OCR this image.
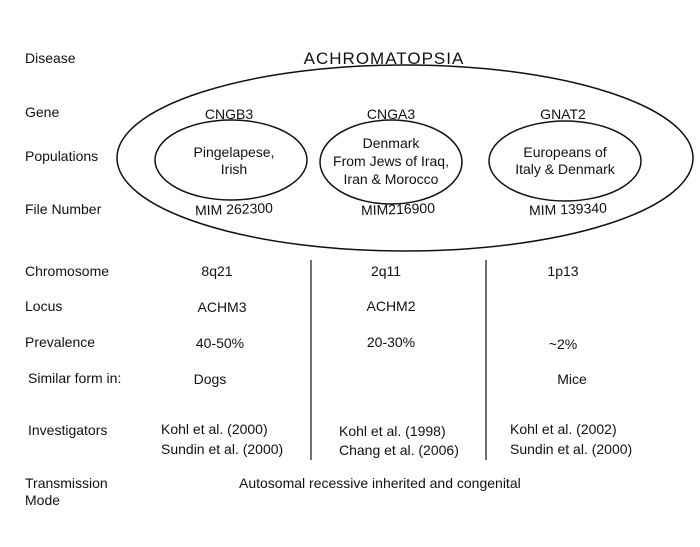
Disease
Gene
Populations
File Number
Chromosome
Locus
Prevalence
Similar form in:
Investigators
Transmission
Mode
ACHROMATOPSIA
CNGB3
Pingelapese,
Irish
MIM 262300
8q21
ACHM3
40-50%
Dogs
Kohl et al. (2000)
Sundin et al. (2000)
CNGA3
Denmark
From Jews of Iraq,
Iran & Morocco
MIM216900
2q11
ACHM2
20-30%
Kohl et al. (1998)
Chang et al. (2006)
GNAT2
Europeans of
Italy & Denmark
MIM 139340
1p13
~2%
Mice
Kohl et al. (2002)
Sundin et al. (2000)
Autosomal recessive inherited and congenital
